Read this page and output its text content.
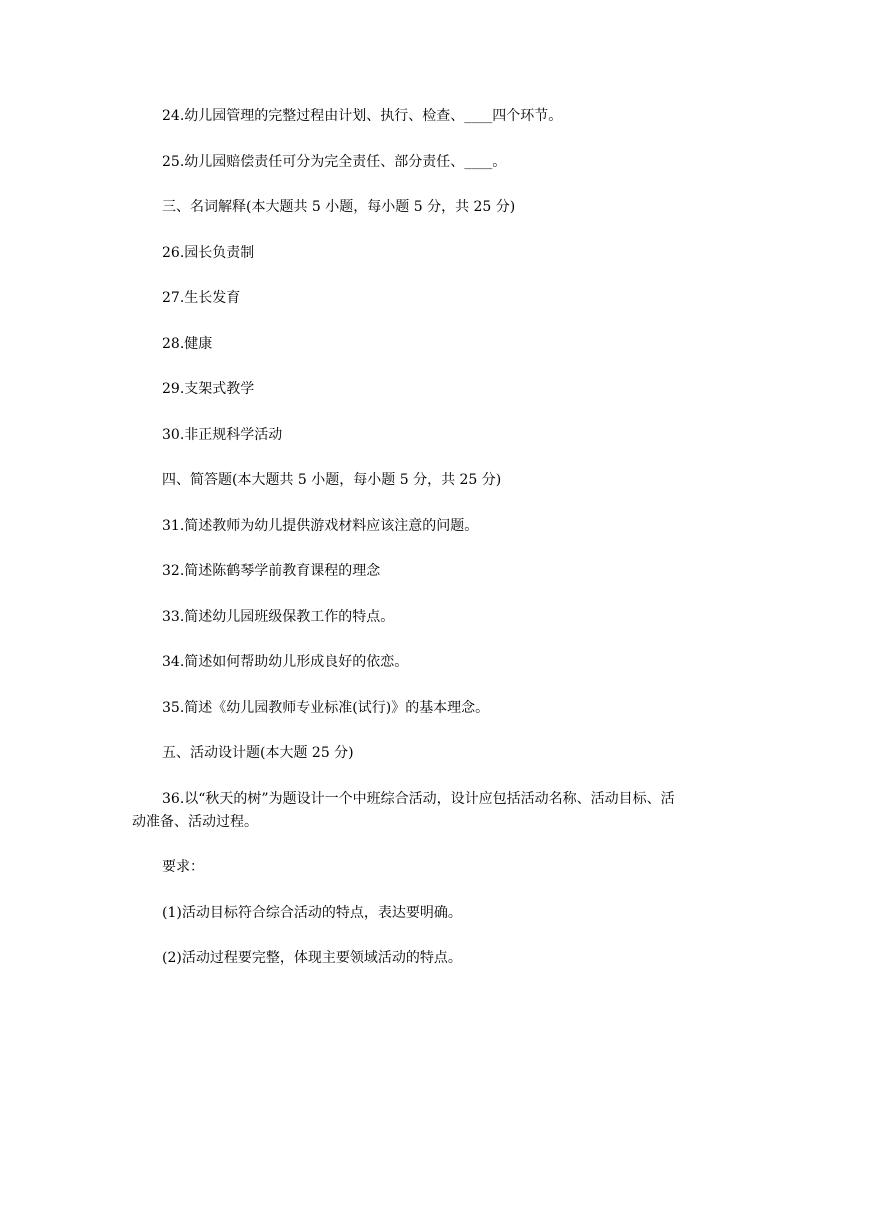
24.幼儿园管理的完整过程由计划、执行、检查、____四个环节。
25.幼儿园赔偿责任可分为完全责任、部分责任、____。
三、名词解释(本大题共 5 小题，每小题 5 分，共 25 分)
26.园长负责制
27.生长发育
28.健康
29.支架式教学
30.非正规科学活动
四、简答题(本大题共 5 小题，每小题 5 分，共 25 分)
31.简述教师为幼儿提供游戏材料应该注意的问题。
32.简述陈鹤琴学前教育课程的理念
33.简述幼儿园班级保教工作的特点。
34.简述如何帮助幼儿形成良好的依恋。
35.简述《幼儿园教师专业标准(试行)》的基本理念。
五、活动设计题(本大题 25 分)
36.以“秋天的树”为题设计一个中班综合活动，设计应包括活动名称、活动目标、活
动准备、活动过程。
要求：
(1)活动目标符合综合活动的特点，表达要明确。
(2)活动过程要完整，体现主要领域活动的特点。
